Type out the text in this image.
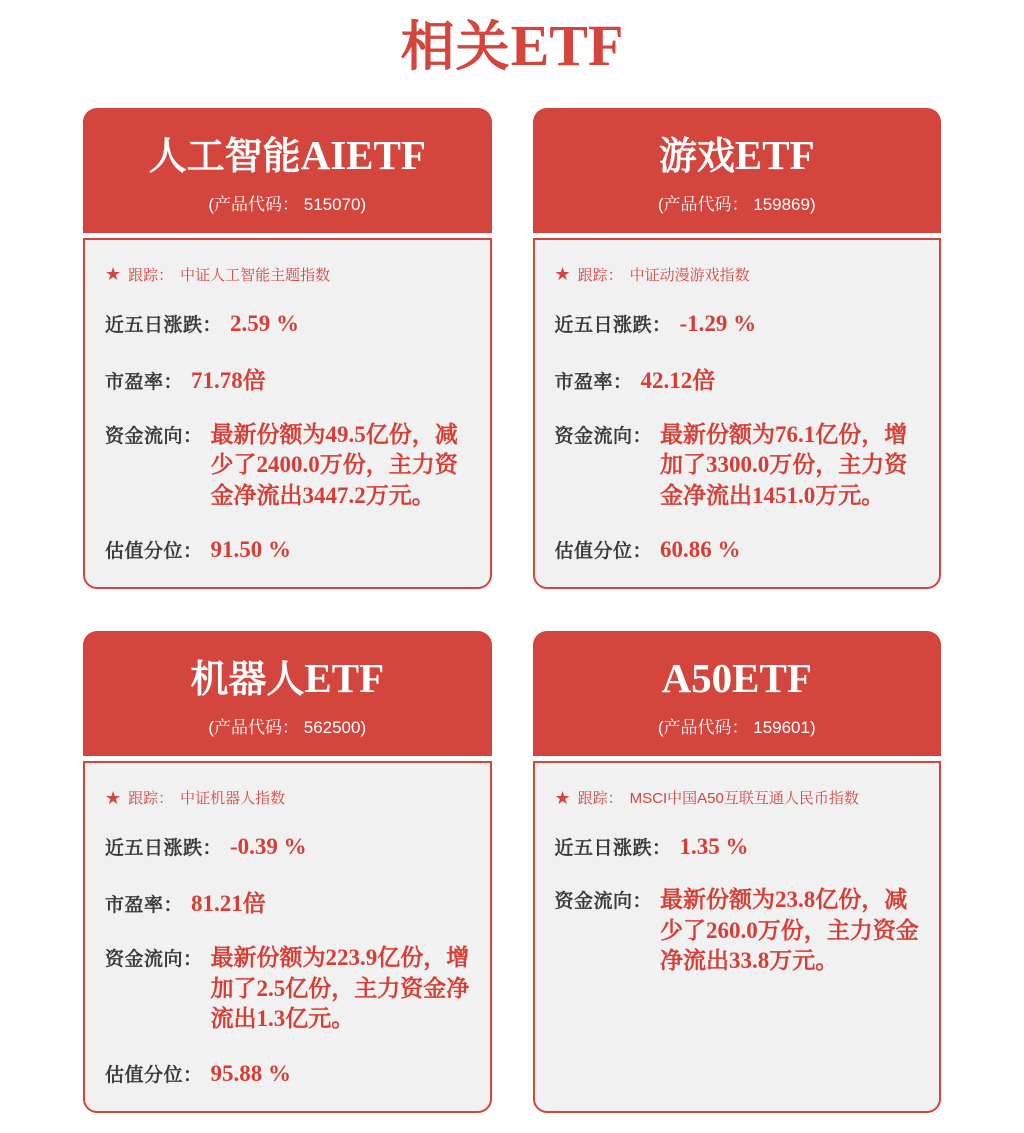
相关ETF
人工智能AIETF
(产品代码： 515070)
★ 跟踪： 中证人工智能主题指数
近五日涨跌： 2.59 %
市盈率： 71.78倍
资金流向： 最新份额为49.5亿份，减少了2400.0万份，主力资金净流出3447.2万元。
估值分位： 91.50 %
游戏ETF
(产品代码： 159869)
★ 跟踪： 中证动漫游戏指数
近五日涨跌： -1.29 %
市盈率： 42.12倍
资金流向： 最新份额为76.1亿份，增加了3300.0万份，主力资金净流出1451.0万元。
估值分位： 60.86 %
机器人ETF
(产品代码： 562500)
★ 跟踪： 中证机器人指数
近五日涨跌： -0.39 %
市盈率： 81.21倍
资金流向： 最新份额为223.9亿份，增加了2.5亿份，主力资金净流出1.3亿元。
估值分位： 95.88 %
A50ETF
(产品代码： 159601)
★ 跟踪： MSCI中国A50互联互通人民币指数
近五日涨跌： 1.35 %
资金流向： 最新份额为23.8亿份，减少了260.0万份，主力资金净流出33.8万元。
